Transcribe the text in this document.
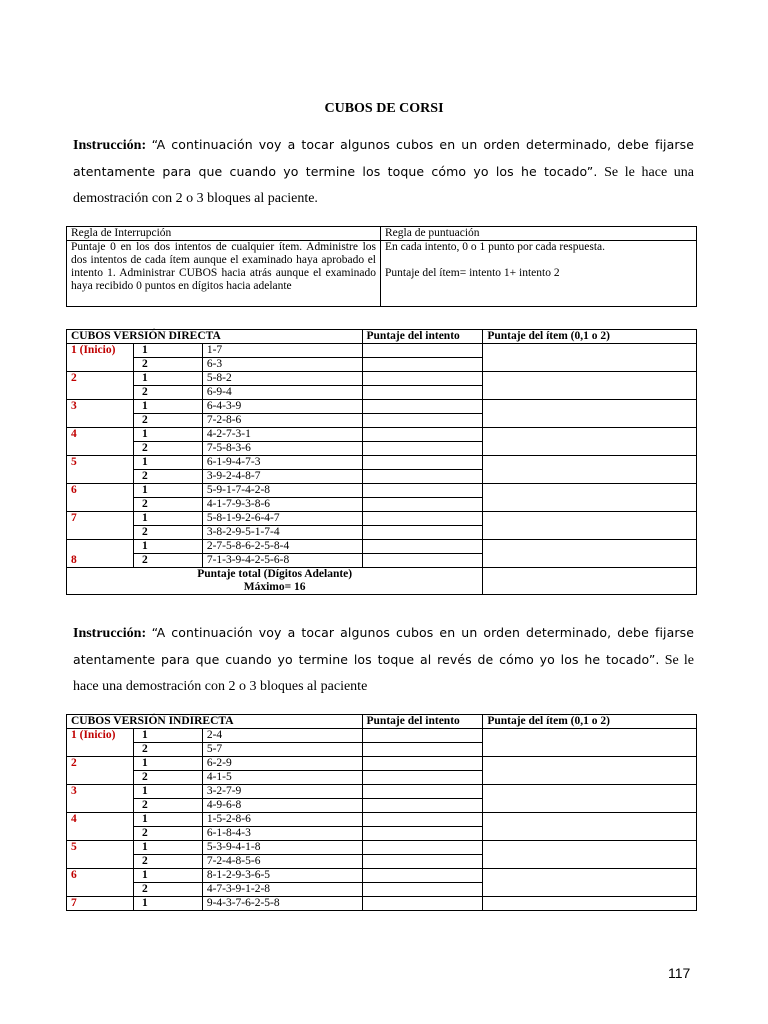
CUBOS DE CORSI
Instrucción: “A continuación voy a tocar algunos cubos en un orden determinado, debe fijarse atentamente para que cuando yo termine los toque cómo yo los he tocado”. Se le hace una demostración con 2 o 3 bloques al paciente.
Regla de Interrupción	Regla de puntuación
Puntaje 0 en los dos intentos de cualquier ítem. Administre los dos intentos de cada ítem aunque el examinado haya aprobado el intento 1. Administrar CUBOS hacia atrás aunque el examinado haya recibido 0 puntos en dígitos hacia adelante	En cada intento, 0 o 1 punto por cada respuesta.
Puntaje del ítem= intento 1+ intento 2
CUBOS VERSIÓN DIRECTA			Puntaje del intento	Puntaje del ítem (0,1 o 2)
1 (Inicio)	1	1-7		
	2	6-3		
2	1	5-8-2		
	2	6-9-4		
3	1	6-4-3-9		
	2	7-2-8-6		
4	1	4-2-7-3-1		
	2	7-5-8-3-6		
5	1	6-1-9-4-7-3		
	2	3-9-2-4-8-7		
6	1	5-9-1-7-4-2-8		
	2	4-1-7-9-3-8-6		
7	1	5-8-1-9-2-6-4-7		
	2	3-8-2-9-5-1-7-4		
8	1	2-7-5-8-6-2-5-8-4		
	2	7-1-3-9-4-2-5-6-8		

Puntaje total (Dígitos Adelante)
Máximo= 16				

Instrucción: “A continuación voy a tocar algunos cubos en un orden determinado, debe fijarse atentamente para que cuando yo termine los toque al revés de cómo yo los he tocado”. Se le hace una demostración con 2 o 3 bloques al paciente
CUBOS VERSIÓN INDIRECTA			Puntaje del intento	Puntaje del ítem (0,1 o 2)
1 (Inicio)	1	2-4		
	2	5-7		
2	1	6-2-9		
	2	4-1-5		
3	1	3-2-7-9		
	2	4-9-6-8		
4	1	1-5-2-8-6		
	2	6-1-8-4-3		
5	1	5-3-9-4-1-8		
	2	7-2-4-8-5-6		
6	1	8-1-2-9-3-6-5		
	2	4-7-3-9-1-2-8		
7	1	9-4-3-7-6-2-5-8		
117
